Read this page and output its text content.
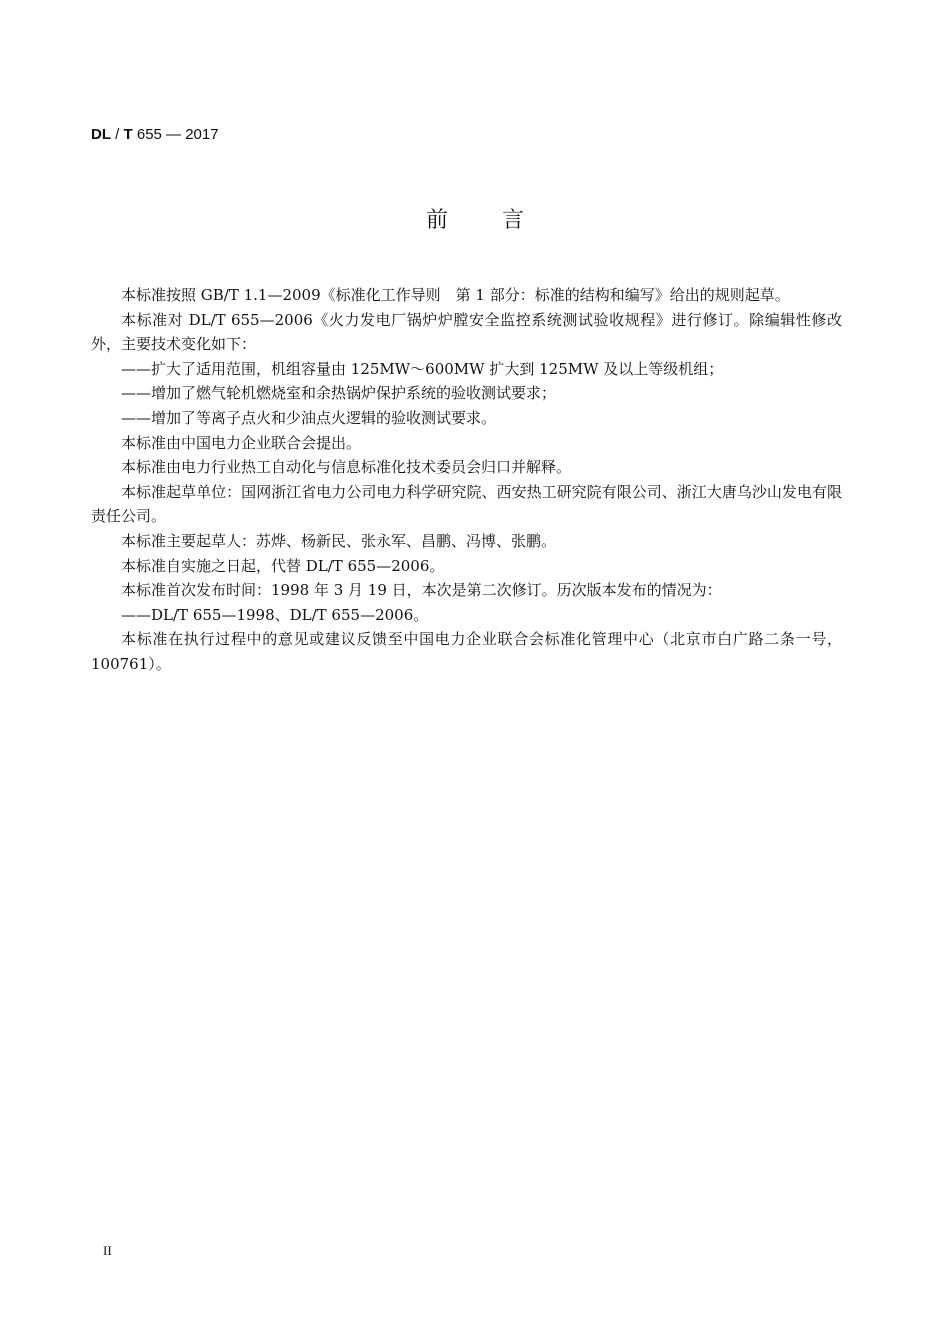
DL / T 655 — 2017
前 言

本标准按照 GB/T 1.1—2009《标准化工作导则　第 1 部分：标准的结构和编写》给出的规则起草。

本标准对 DL/T 655—2006《火力发电厂锅炉炉膛安全监控系统测试验收规程》进行修订。除编辑性修改外，主要技术变化如下：

——扩大了适用范围，机组容量由 125MW～600MW 扩大到 125MW 及以上等级机组；

——增加了燃气轮机燃烧室和余热锅炉保护系统的验收测试要求；

——增加了等离子点火和少油点火逻辑的验收测试要求。

本标准由中国电力企业联合会提出。

本标准由电力行业热工自动化与信息标准化技术委员会归口并解释。

本标准起草单位：国网浙江省电力公司电力科学研究院、西安热工研究院有限公司、浙江大唐乌沙山发电有限责任公司。

本标准主要起草人：苏烨、杨新民、张永军、昌鹏、冯博、张鹏。

本标准自实施之日起，代替 DL/T 655—2006。

本标准首次发布时间：1998 年 3 月 19 日，本次是第二次修订。历次版本发布的情况为：

——DL/T 655—1998、DL/T 655—2006。

本标准在执行过程中的意见或建议反馈至中国电力企业联合会标准化管理中心（北京市白广路二条一号，100761）。

II
